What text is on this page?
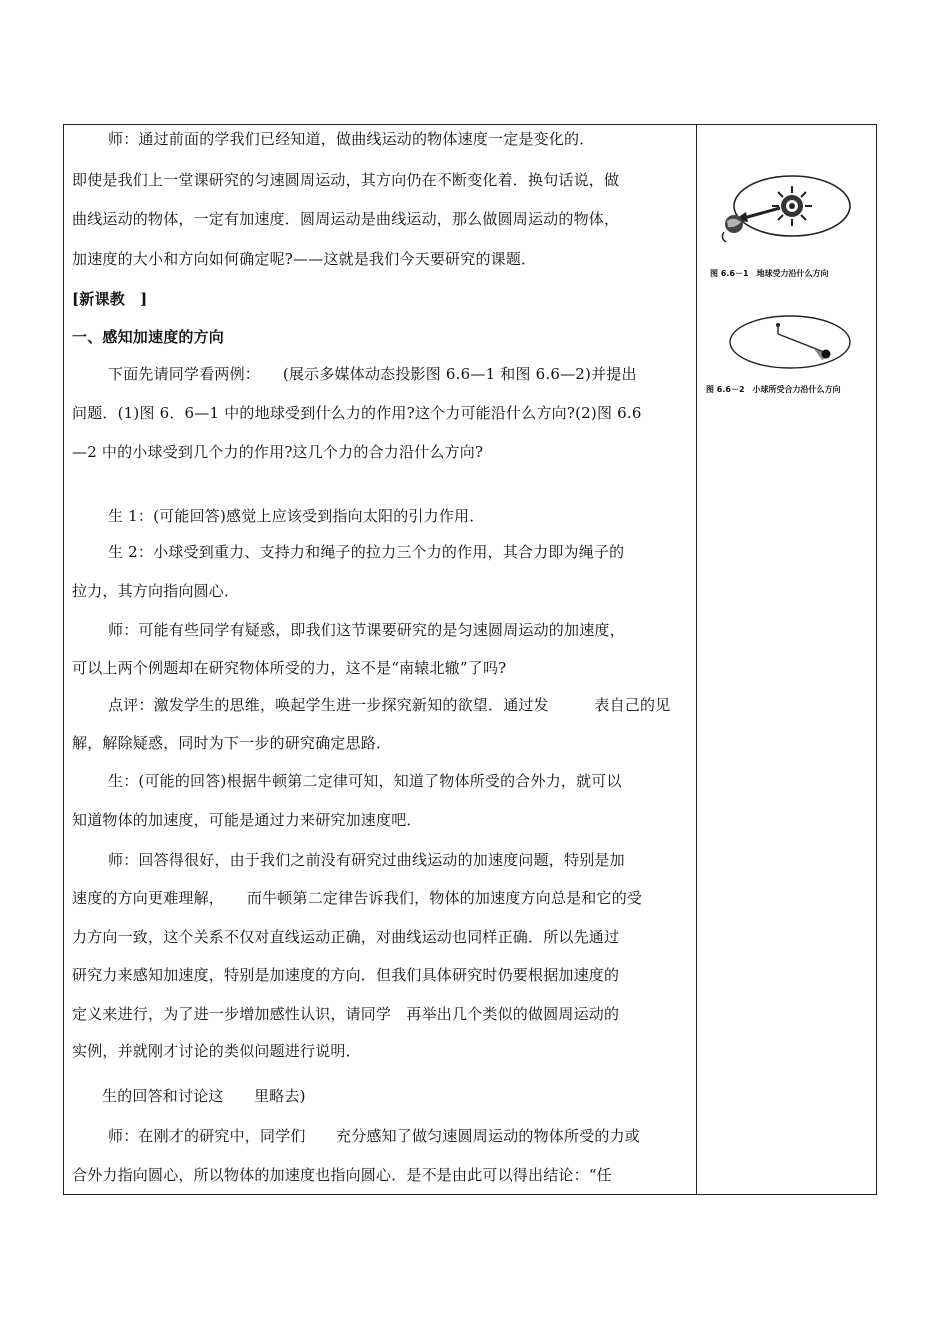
师：通过前面的学我们已经知道，做曲线运动的物体速度一定是变化的．
即使是我们上一堂课研究的匀速圆周运动，其方向仍在不断变化着．换句话说，做
曲线运动的物体，一定有加速度．圆周运动是曲线运动，那么做圆周运动的物体，
加速度的大小和方向如何确定呢?——这就是我们今天要研究的课题．
[新课教　]
一、感知加速度的方向
下面先请同学看两例：　　(展示多媒体动态投影图 6.6—1 和图 6.6—2)并提出
问题．(1)图 6．6—1 中的地球受到什么力的作用?这个力可能沿什么方向?(2)图 6.6
—2 中的小球受到几个力的作用?这几个力的合力沿什么方向?
生 1：(可能回答)感觉上应该受到指向太阳的引力作用．
生 2：小球受到重力、支持力和绳子的拉力三个力的作用，其合力即为绳子的
拉力，其方向指向圆心．
师：可能有些同学有疑惑，即我们这节课要研究的是匀速圆周运动的加速度，
可以上两个例题却在研究物体所受的力，这不是“南辕北辙”了吗?
点评：激发学生的思维，唤起学生进一步探究新知的欲望．通过发　　　表自己的见
解，解除疑惑，同时为下一步的研究确定思路．
生：(可能的回答)根据牛顿第二定律可知，知道了物体所受的合外力，就可以
知道物体的加速度，可能是通过力来研究加速度吧．
师：回答得很好，由于我们之前没有研究过曲线运动的加速度问题，特别是加
速度的方向更难理解，　　而牛顿第二定律告诉我们，物体的加速度方向总是和它的受
力方向一致，这个关系不仅对直线运动正确，对曲线运动也同样正确．所以先通过
研究力来感知加速度，特别是加速度的方向．但我们具体研究时仍要根据加速度的
定义来进行，为了进一步增加感性认识，请同学　再举出几个类似的做圆周运动的
实例，并就刚才讨论的类似问题进行说明．
生的回答和讨论这　　里略去)
师：在刚才的研究中，同学们　　充分感知了做匀速圆周运动的物体所受的力或
合外力指向圆心，所以物体的加速度也指向圆心．是不是由此可以得出结论：“任
图 6.6－1　地球受力沿什么方向
图 6.6－2　小球所受合力沿什么方向
